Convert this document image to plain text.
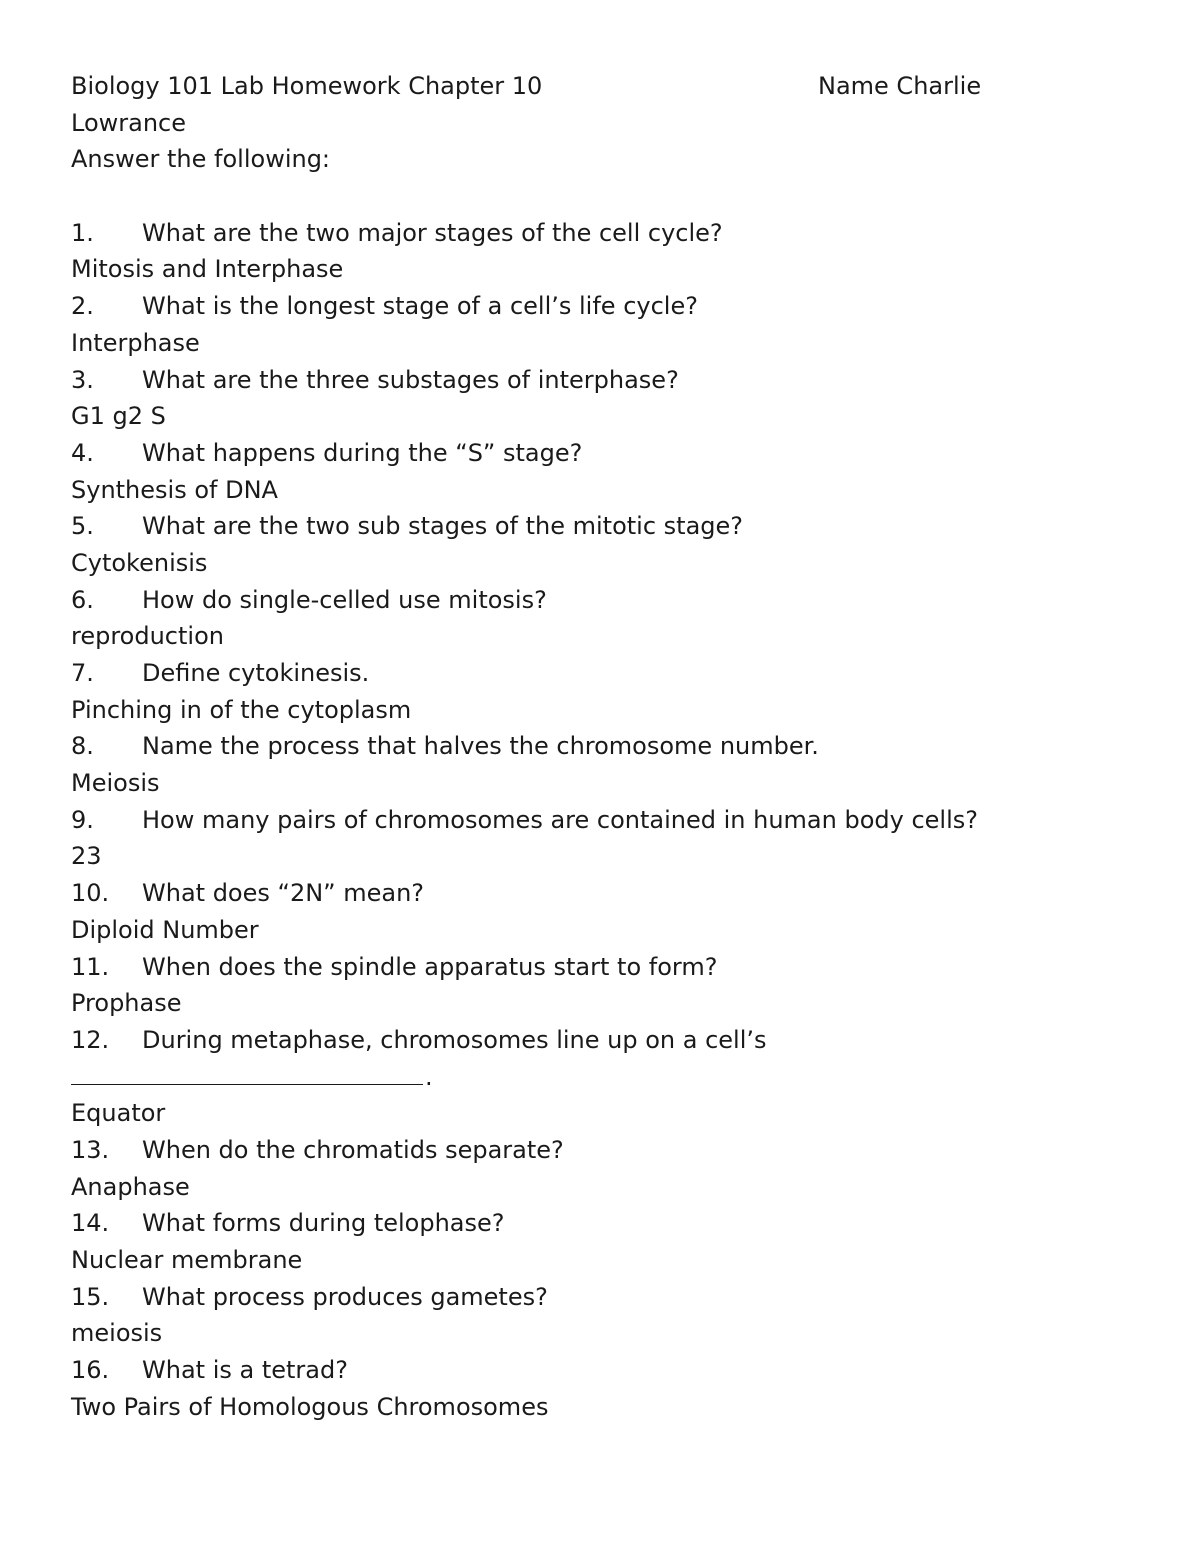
Biology 101 Lab Homework Chapter 10

	Name Charlie

Lowrance
Answer the following:
1. What are the two major stages of the cell cycle?
Mitosis and Interphase
2. What is the longest stage of a cell’s life cycle?
Interphase
3. What are the three substages of interphase?
G1 g2 S
4. What happens during the “S” stage?
Synthesis of DNA
5. What are the two sub stages of the mitotic stage?
Cytokenisis
6. How do single-celled use mitosis?
reproduction
7. Define cytokinesis.
Pinching in of the cytoplasm
8. Name the process that halves the chromosome number.
Meiosis
9. How many pairs of chromosomes are contained in human body cells?
23
10. What does “2N” mean?
Diploid Number
11. When does the spindle apparatus start to form?
Prophase
12. During metaphase, chromosomes line up on a cell’s
.
Equator
13. When do the chromatids separate?
Anaphase
14. What forms during telophase?
Nuclear membrane
15. What process produces gametes?
meiosis
16. What is a tetrad?
Two Pairs of Homologous Chromosomes
